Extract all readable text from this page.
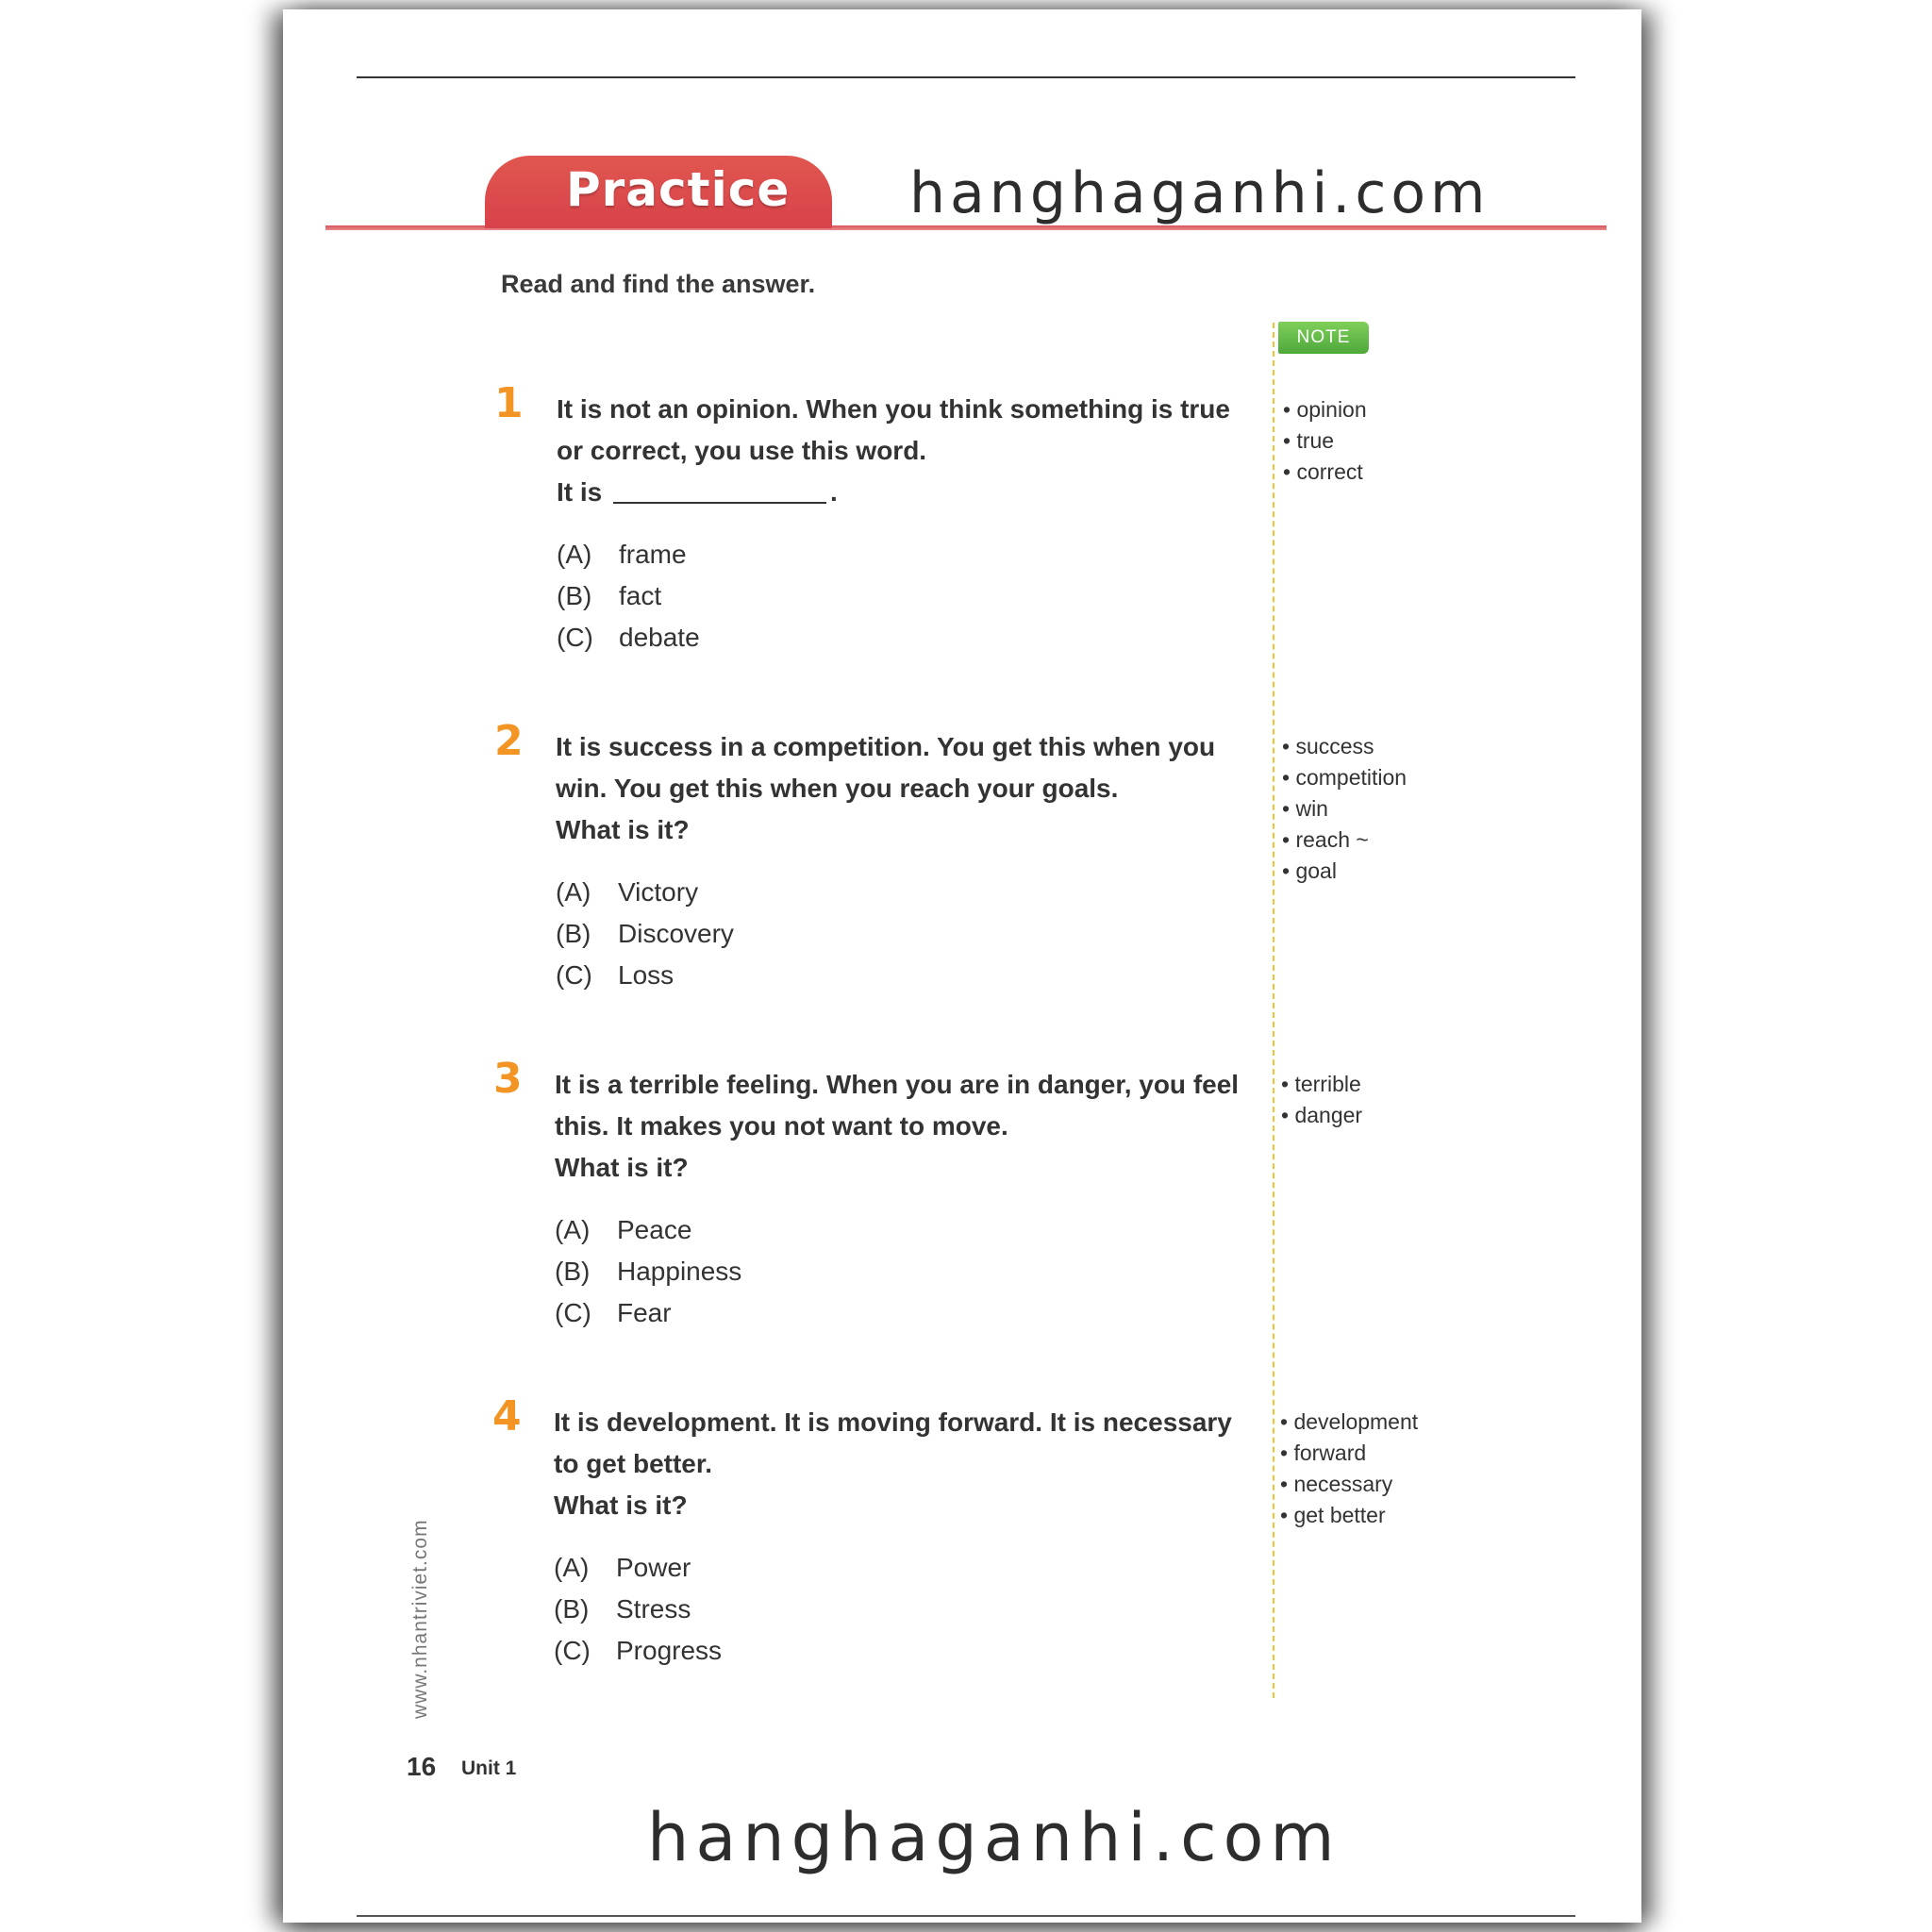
Practice hanghaganhi.com
Read and find the answer.
NOTE
1 It is not an opinion. When you think something is true
or correct, you use this word.
It is	.
(A) frame
(B) fact
(C) debate
• opinion
• true
• correct
2 It is success in a competition. You get this when you
win. You get this when you reach your goals.
What is it?
(A) Victory
(B) Discovery
(C) Loss
• success
• competition
• win
• reach ~
• goal
3 It is a terrible feeling. When you are in danger, you feel
this. It makes you not want to move.
What is it?
(A) Peace
(B) Happiness
(C) Fear
• terrible
• danger
4 It is development. It is moving forward. It is necessary
to get better.
What is it?
(A) Power
(B) Stress
(C) Progress
• development
• forward
• necessary
• get better
www.nhantriviet.com
16 Unit 1
hanghaganhi.com
